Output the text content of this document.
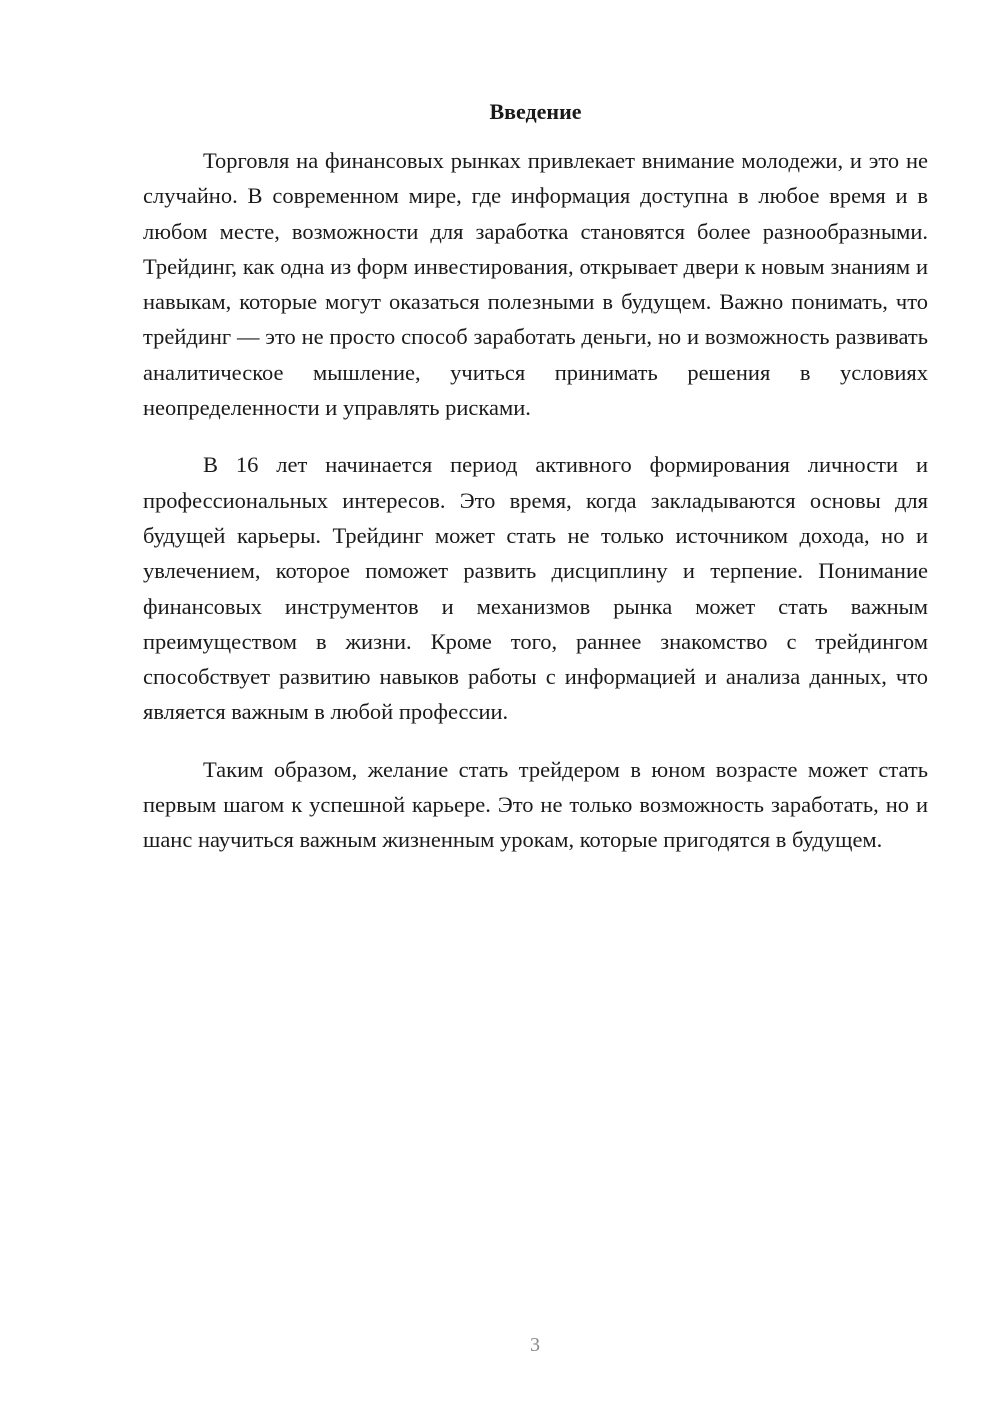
Введение

Торговля на финансовых рынках привлекает внимание молодежи, и это не случайно. В современном мире, где информация доступна в любое время и в любом месте, возможности для заработка становятся более разнообразными. Трейдинг, как одна из форм инвестирования, открывает двери к новым знаниям и навыкам, которые могут оказаться полезными в будущем. Важно понимать, что трейдинг — это не просто способ заработать деньги, но и возможность развивать аналитическое мышление, учиться принимать решения в условиях неопределенности и управлять рисками.

В 16 лет начинается период активного формирования личности и профессиональных интересов. Это время, когда закладываются основы для будущей карьеры. Трейдинг может стать не только источником дохода, но и увлечением, которое поможет развить дисциплину и терпение. Понимание финансовых инструментов и механизмов рынка может стать важным преимуществом в жизни. Кроме того, раннее знакомство с трейдингом способствует развитию навыков работы с информацией и анализа данных, что является важным в любой профессии.

Таким образом, желание стать трейдером в юном возрасте может стать первым шагом к успешной карьере. Это не только возможность заработать, но и шанс научиться важным жизненным урокам, которые пригодятся в будущем.

3
